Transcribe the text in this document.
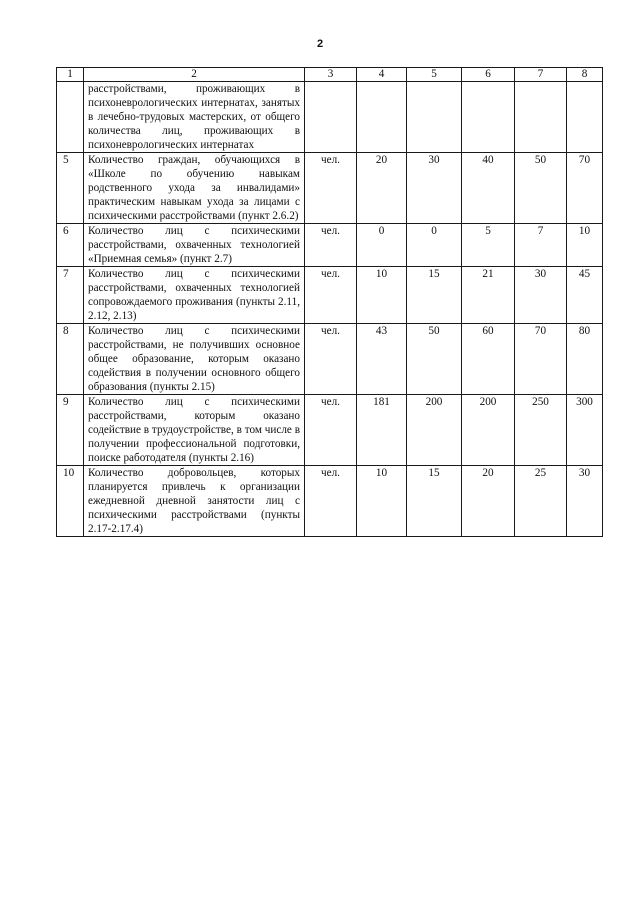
2
1	2	3	4	5	6	7	8
	расстройствами, проживающих в психоневрологических интернатах, занятых в лечебно-трудовых мастерских, от общего количества лиц, проживающих в психоневрологических интернатах						
5	Количество граждан, обучающихся в «Школе по обучению навыкам родственного ухода за инвалидами» практическим навыкам ухода за лицами с психическими расстройствами (пункт 2.6.2)	чел.	20	30	40	50	70
6	Количество лиц с психическими расстройствами, охваченных технологией «Приемная семья» (пункт 2.7)	чел.	0	0	5	7	10
7	Количество лиц с психическими расстройствами, охваченных технологией сопровождаемого проживания (пункты 2.11, 2.12, 2.13)	чел.	10	15	21	30	45
8	Количество лиц с психическими расстройствами, не получивших основное общее образование, которым оказано содействия в получении основного общего образования (пункты 2.15)	чел.	43	50	60	70	80
9	Количество лиц с психическими расстройствами, которым оказано содействие в трудоустройстве, в том числе в получении профессиональной подготовки, поиске работодателя (пункты 2.16)	чел.	181	200	200	250	300
10	Количество добровольцев, которых планируется привлечь к организации ежедневной дневной занятости лиц с психическими расстройствами (пункты 2.17-2.17.4)	чел.	10	15	20	25	30
